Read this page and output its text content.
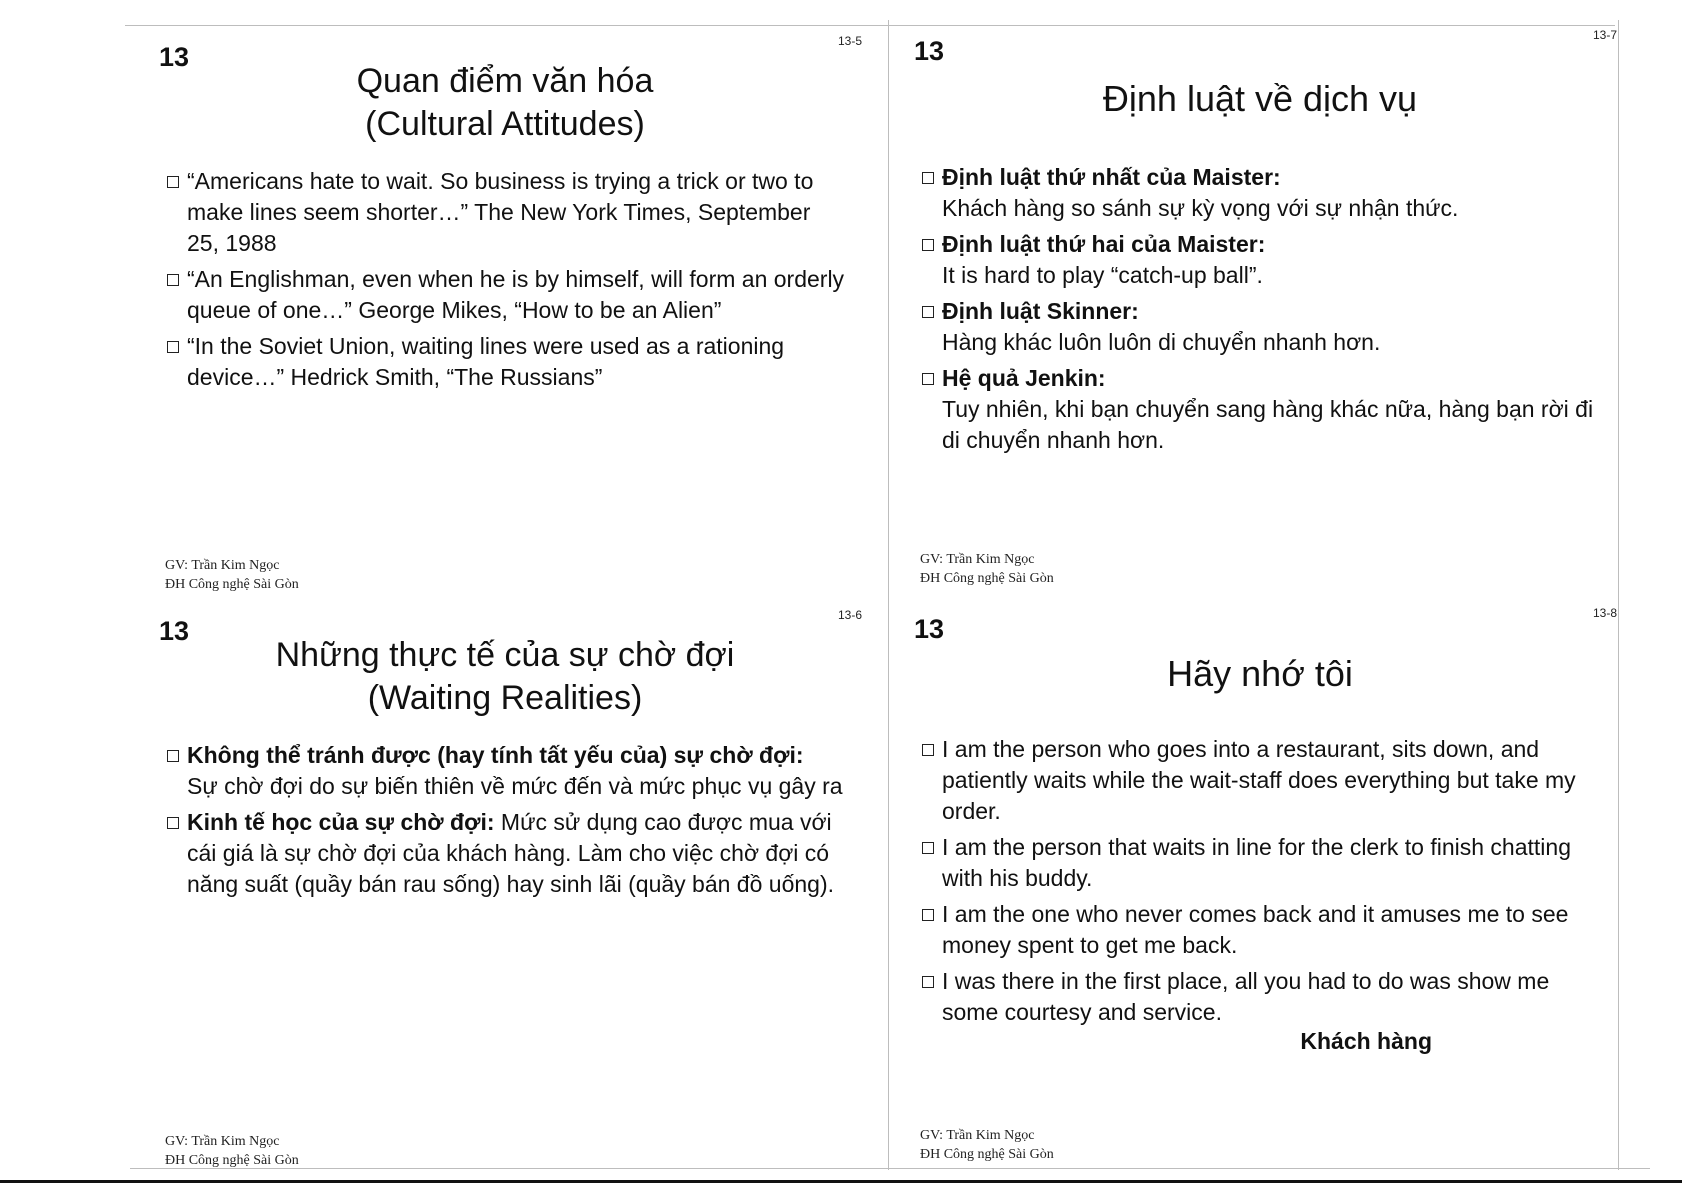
13
13-5
Quan điểm văn hóa
(Cultural Attitudes)
“Americans hate to wait. So business is trying a trick or two to make lines seem shorter…” The New York Times, September 25, 1988
“An Englishman, even when he is by himself, will form an orderly queue of one…” George Mikes, “How to be an Alien”
“In the Soviet Union, waiting lines were used as a rationing device…” Hedrick Smith, “The Russians”
GV: Trần Kim Ngọc
ĐH Công nghệ Sài Gòn
13
13-7
Định luật về dịch vụ
Định luật thứ nhất của Maister:
Khách hàng so sánh sự kỳ vọng với sự nhận thức.
Định luật thứ hai của Maister:
It is hard to play “catch-up ball”.
Định luật Skinner:
Hàng khác luôn luôn di chuyển nhanh hơn.
Hệ quả Jenkin:
Tuy nhiên, khi bạn chuyển sang hàng khác nữa, hàng bạn rời đi di chuyển nhanh hơn.
GV: Trần Kim Ngọc
ĐH Công nghệ Sài Gòn
13
13-6
Những thực tế của sự chờ đợi
(Waiting Realities)
Không thể tránh được (hay tính tất yếu của) sự chờ đợi:
Sự chờ đợi do sự biến thiên về mức đến và mức phục vụ gây ra
Kinh tế học của sự chờ đợi: Mức sử dụng cao được mua với cái giá là sự chờ đợi của khách hàng. Làm cho việc chờ đợi có năng suất (quầy bán rau sống) hay sinh lãi (quầy bán đồ uống).
GV: Trần Kim Ngọc
ĐH Công nghệ Sài Gòn
13
13-8
Hãy nhớ tôi
I am the person who goes into a restaurant, sits down, and patiently waits while the wait-staff does everything but take my order.
I am the person that waits in line for the clerk to finish chatting with his buddy.
I am the one who never comes back and it amuses me to see money spent to get me back.
I was there in the first place, all you had to do was show me some courtesy and service.
Khách hàng
GV: Trần Kim Ngọc
ĐH Công nghệ Sài Gòn
